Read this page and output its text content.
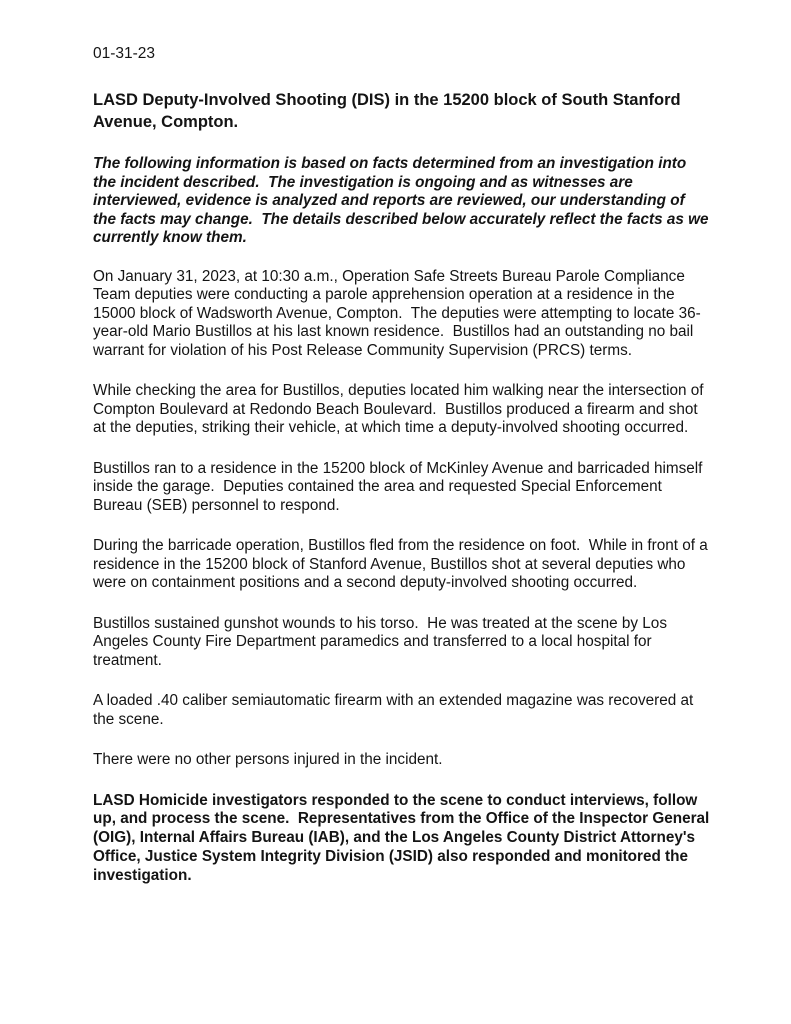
01-31-23

LASD Deputy-Involved Shooting (DIS) in the 15200 block of South Stanford Avenue, Compton.

The following information is based on facts determined from an investigation into the incident described.  The investigation is ongoing and as witnesses are interviewed, evidence is analyzed and reports are reviewed, our understanding of the facts may change.  The details described below accurately reflect the facts as we currently know them.

On January 31, 2023, at 10:30 a.m., Operation Safe Streets Bureau Parole Compliance Team deputies were conducting a parole apprehension operation at a residence in the 15000 block of Wadsworth Avenue, Compton.  The deputies were attempting to locate 36-year-old Mario Bustillos at his last known residence.  Bustillos had an outstanding no bail warrant for violation of his Post Release Community Supervision (PRCS) terms.

While checking the area for Bustillos, deputies located him walking near the intersection of Compton Boulevard at Redondo Beach Boulevard.  Bustillos produced a firearm and shot at the deputies, striking their vehicle, at which time a deputy-involved shooting occurred.

Bustillos ran to a residence in the 15200 block of McKinley Avenue and barricaded himself inside the garage.  Deputies contained the area and requested Special Enforcement Bureau (SEB) personnel to respond.

During the barricade operation, Bustillos fled from the residence on foot.  While in front of a residence in the 15200 block of Stanford Avenue, Bustillos shot at several deputies who were on containment positions and a second deputy-involved shooting occurred.

Bustillos sustained gunshot wounds to his torso.  He was treated at the scene by Los Angeles County Fire Department paramedics and transferred to a local hospital for treatment.

A loaded .40 caliber semiautomatic firearm with an extended magazine was recovered at the scene.

There were no other persons injured in the incident.

LASD Homicide investigators responded to the scene to conduct interviews, follow up, and process the scene.  Representatives from the Office of the Inspector General (OIG), Internal Affairs Bureau (IAB), and the Los Angeles County District Attorney's Office, Justice System Integrity Division (JSID) also responded and monitored the investigation.
